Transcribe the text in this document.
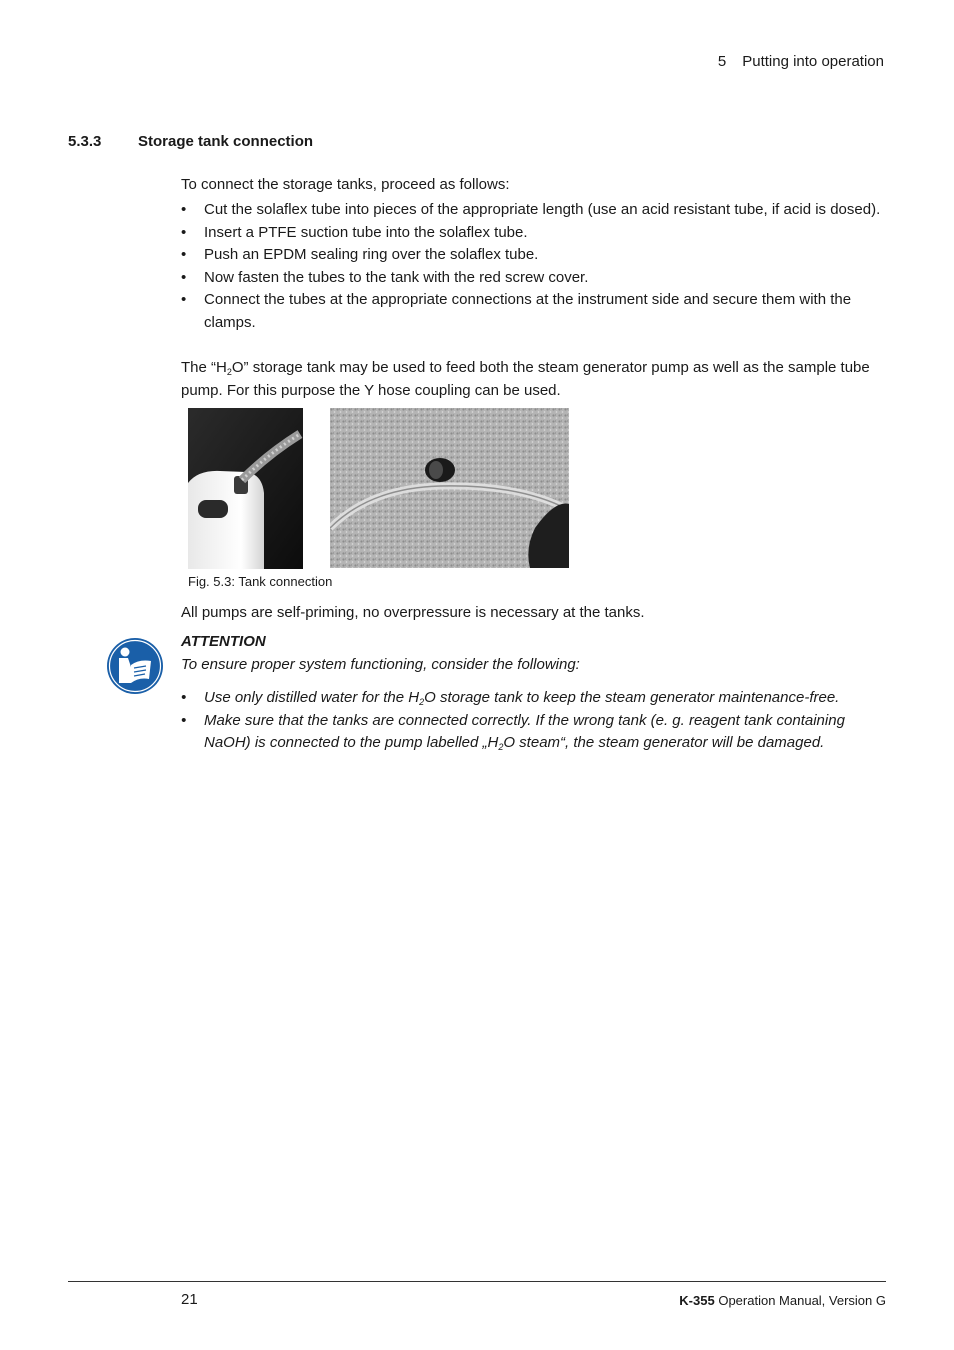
5 Putting into operation
5.3.3 Storage tank connection
To connect the storage tanks, proceed as follows:
• Cut the solaflex tube into pieces of the appropriate length (use an acid resistant tube, if acid is dosed).
• Insert a PTFE suction tube into the solaflex tube.
• Push an EPDM sealing ring over the solaflex tube.
• Now fasten the tubes to the tank with the red screw cover.
• Connect the tubes at the appropriate connections at the instrument side and secure them with the clamps.
The “$H_2O$” storage tank may be used to feed both the steam generator pump as well as the sample tube pump. For this purpose the Y hose coupling can be used.
Fig. 5.3: Tank connection
All pumps are self-priming, no overpressure is necessary at the tanks.
ATTENTION
To ensure proper system functioning, consider the following:
• Use only distilled water for the $H_2O$ storage tank to keep the steam generator maintenance-free.
• Make sure that the tanks are connected correctly. If the wrong tank (e. g. reagent tank containing NaOH) is connected to the pump labelled $„H_2O$ steam“, the steam generator will be damaged.
21	K-355 Operation Manual, Version G
